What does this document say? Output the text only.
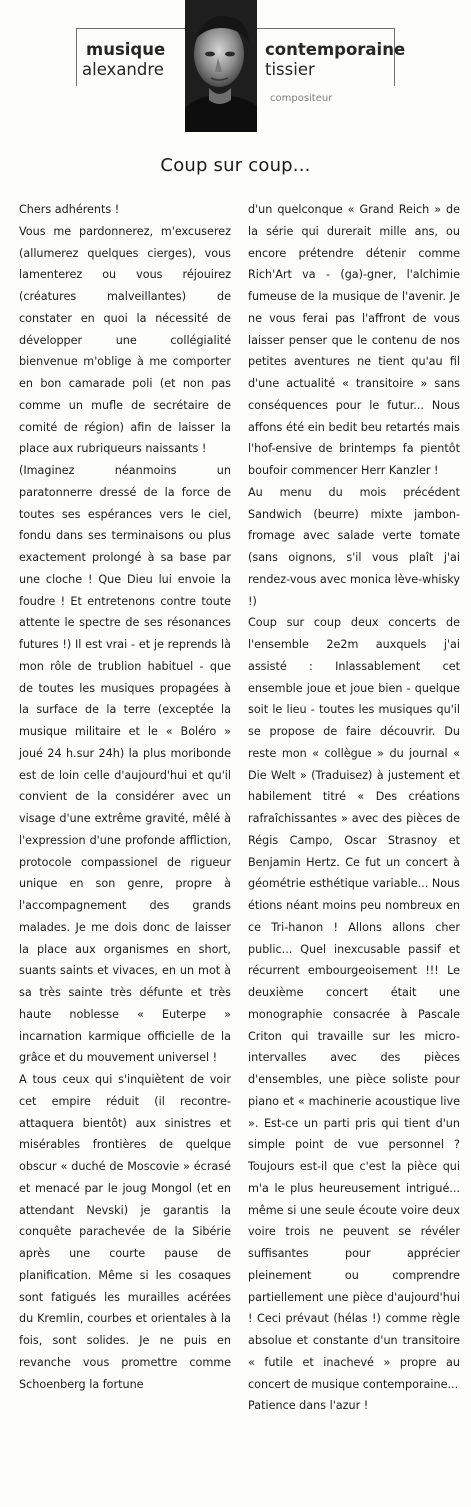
musique
alexandre
contemporaine
tissier
compositeur
Coup sur coup...

Chers adhérents !

Vous me pardonnerez, m'excuserez (allumerez quelques cierges), vous lamenterez ou vous réjouirez (créatures malveillantes) de constater en quoi la nécessité de développer une collégialité bienvenue m'oblige à me comporter en bon camarade poli (et non pas comme un mufle de secrétaire de comité de région) afin de laisser la place aux rubriqueurs naissants !

(Imaginez néanmoins un paratonnerre dressé de la force de toutes ses espérances vers le ciel, fondu dans ses terminaisons ou plus exactement prolongé à sa base par une cloche ! Que Dieu lui envoie la foudre ! Et entretenons contre toute attente le spectre de ses résonances futures !) Il est vrai - et je reprends là mon rôle de trublion habituel - que de toutes les musiques propagées à la surface de la terre (exceptée la musique militaire et le « Boléro » joué 24 h.sur 24h) la plus moribonde est de loin celle d'aujourd'hui et qu'il convient de la considérer avec un visage d'une extrême gravité, mêlé à l'expression d'une profonde affliction, protocole compassionel de rigueur unique en son genre, propre à l'accompagnement des grands malades. Je me dois donc de laisser la place aux organismes en short, suants saints et vivaces, en un mot à sa très sainte très défunte et très haute noblesse « Euterpe » incarnation karmique officielle de la grâce et du mouvement universel !

A tous ceux qui s'inquiètent de voir cet empire réduit (il recontre-attaquera bientôt) aux sinistres et misérables frontières de quelque obscur « duché de Moscovie » écrasé et menacé par le joug Mongol (et en attendant Nevski) je garantis la conquête parachevée de la Sibérie après une courte pause de planification. Même si les cosaques sont fatigués les murailles acérées du Kremlin, courbes et orientales à la fois, sont solides. Je ne puis en revanche vous promettre comme Schoenberg la fortune

d'un quelconque « Grand Reich » de la série qui durerait mille ans, ou encore prétendre détenir comme Rich'Art va - (ga)-gner, l'alchimie fumeuse de la musique de l'avenir. Je ne vous ferai pas l'affront de vous laisser penser que le contenu de nos petites aventures ne tient qu'au fil d'une actualité « transitoire » sans conséquences pour le futur... Nous affons été ein bedit beu retartés mais l'hof-ensive de brintemps fa pientôt boufoir commencer Herr Kanzler !

Au menu du mois précédent Sandwich (beurre) mixte jambon-fromage avec salade verte tomate (sans oignons, s'il vous plaît j'ai rendez-vous avec monica lève-whisky !)

Coup sur coup deux concerts de l'ensemble 2e2m auxquels j'ai assisté : Inlassablement cet ensemble joue et joue bien - quelque soit le lieu - toutes les musiques qu'il se propose de faire découvrir. Du reste mon « collègue » du journal « Die Welt » (Traduisez) à justement et habilement titré « Des créations rafraîchissantes » avec des pièces de Régis Campo, Oscar Strasnoy et Benjamin Hertz. Ce fut un concert à géométrie esthétique variable... Nous étions néant moins peu nombreux en ce Tri-hanon ! Allons allons cher public... Quel inexcusable passif et récurrent embourgeoisement !!! Le deuxième concert était une monographie consacrée à Pascale Criton qui travaille sur les micro-intervalles avec des pièces d'ensembles, une pièce soliste pour piano et « machinerie acoustique live ». Est-ce un parti pris qui tient d'un simple point de vue personnel ? Toujours est-il que c'est la pièce qui m'a le plus heureusement intrigué... même si une seule écoute voire deux voire trois ne peuvent se révéler suffisantes pour apprécier pleinement ou comprendre partiellement une pièce d'aujourd'hui ! Ceci prévaut (hélas !) comme règle absolue et constante d'un transitoire « futile et inachevé » propre au concert de musique contemporaine...

Patience dans l'azur !
